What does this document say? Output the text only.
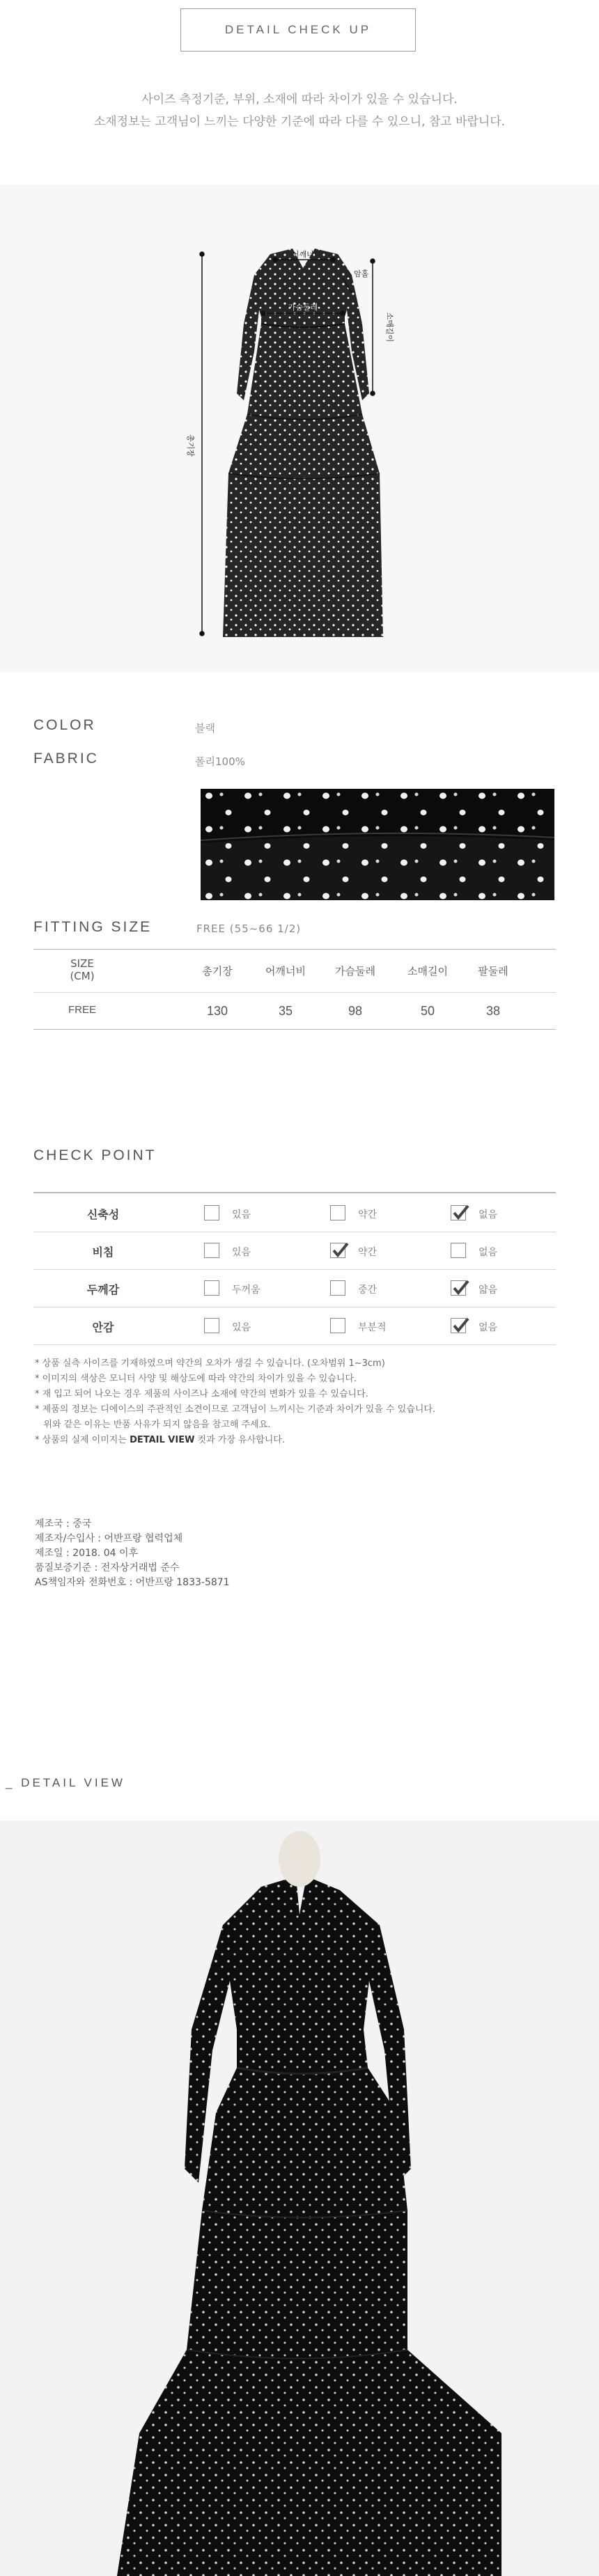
DETAIL CHECK UP
사이즈 측정기준, 부위, 소재에 따라 차이가 있을 수 있습니다.
소재정보는 고객님이 느끼는 다양한 기준에 따라 다를 수 있으니, 참고 바랍니다.
어깨너비
가슴둘레
암홀
소매길이
총기장
COLOR	블랙
FABRIC	폴리100%
FITTING SIZE	FREE (55~66 1/2)
SIZE
(CM)	총기장	어깨너비	가슴둘레	소매길이	팔둘레
FREE	130	35	98	50	38
CHECK POINT
신축성	있음	약간	없음
비침	있음	약간	없음
두께감	두꺼움	중간	얇음
안감	있음	부분적	없음
* 상품 실측 사이즈를 기재하였으며 약간의 오차가 생길 수 있습니다. (오차범위 1~3cm)
* 이미지의 색상은 모니터 사양 및 해상도에 따라 약간의 차이가 있을 수 있습니다.
* 재 입고 되어 나오는 경우 제품의 사이즈나 소재에 약간의 변화가 있을 수 있습니다.
* 제품의 정보는 디에이스의 주관적인 소견이므로 고객님이 느끼시는 기준과 차이가 있을 수 있습니다.
위와 같은 이유는 반품 사유가 되지 않음을 참고해 주세요.
* 상품의 실제 이미지는 DETAIL VIEW 컷과 가장 유사합니다.
제조국 : 중국
제조자/수입사 : 어반프랑 협력업체
제조일 : 2018. 04 이후
품질보증기준 : 전자상거래법 준수
AS책임자와 전화번호 : 어반프랑 1833-5871
_ DETAIL VIEW
